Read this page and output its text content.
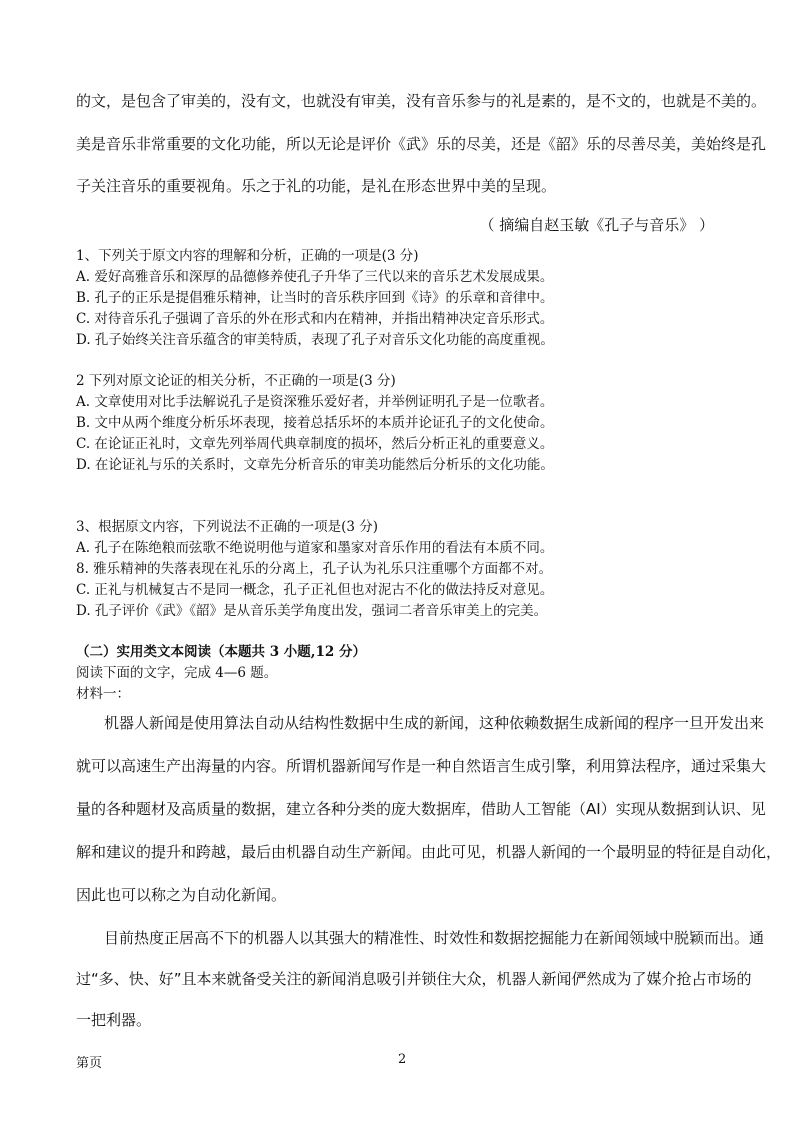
的文，是包含了审美的，没有文，也就没有审美，没有音乐参与的礼是素的，是不文的，也就是不美的。
美是音乐非常重要的文化功能，所以无论是评价《武》乐的尽美，还是《韶》乐的尽善尽美，美始终是孔
子关注音乐的重要视角。乐之于礼的功能，是礼在形态世界中美的呈现。
（ 摘编自赵玉敏《孔子与音乐》 ）
1、下列关于原文内容的理解和分析，正确的一项是(3 分)
A. 爱好高雅音乐和深厚的品德修养使孔子升华了三代以来的音乐艺术发展成果。
B. 孔子的正乐是提倡雅乐精神，让当时的音乐秩序回到《诗》的乐章和音律中。
C. 对待音乐孔子强调了音乐的外在形式和内在精神，并指出精神决定音乐形式。
D. 孔子始终关注音乐蕴含的审美特质，表现了孔子对音乐文化功能的高度重视。
2 下列对原文论证的相关分析，不正确的一项是(3 分)
A. 文章使用对比手法解说孔子是资深雅乐爱好者，并举例证明孔子是一位歌者。
B. 文中从两个维度分析乐坏表现，接着总括乐坏的本质并论证孔子的文化使命。
C. 在论证正礼时，文章先列举周代典章制度的损坏，然后分析正礼的重要意义。
D. 在论证礼与乐的关系时，文章先分析音乐的审美功能然后分析乐的文化功能。
3、根据原文内容，下列说法不正确的一项是(3 分)
A. 孔子在陈绝粮而弦歌不绝说明他与道家和墨家对音乐作用的看法有本质不同。
8. 雅乐精神的失落表现在礼乐的分离上，孔子认为礼乐只注重哪个方面都不对。
C. 正礼与机械复古不是同一概念，孔子正礼但也对泥古不化的做法持反对意见。
D. 孔子评价《武》《韶》是从音乐美学角度出发，强词二者音乐审美上的完美。
（二）实用类文本阅读（本题共 3 小题,12 分）
阅读下面的文字，完成 4—6 题。
材料一：
机器人新闻是使用算法自动从结构性数据中生成的新闻，这种依赖数据生成新闻的程序一旦开发出来
就可以高速生产出海量的内容。所谓机器新闻写作是一种自然语言生成引擎，利用算法程序，通过采集大
量的各种题材及高质量的数据，建立各种分类的庞大数据库，借助人工智能（AI）实现从数据到认识、见
解和建议的提升和跨越，最后由机器自动生产新闻。由此可见，机器人新闻的一个最明显的特征是自动化，
因此也可以称之为自动化新闻。
目前热度正居高不下的机器人以其强大的精准性、时效性和数据挖掘能力在新闻领域中脱颖而出。通
过“多、快、好”且本来就备受关注的新闻消息吸引并锁住大众，机器人新闻俨然成为了媒介抢占市场的
一把利器。
第页	2
